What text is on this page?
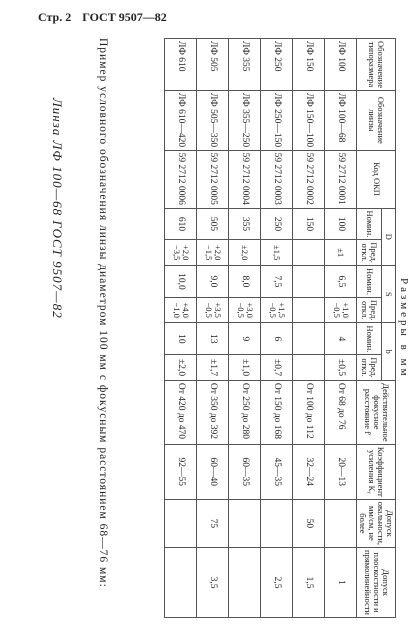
Стр. 2 ГОСТ 9507—82
Размеры в мм
Обозначение типоразмера	Обозначение линзы	Код ОКП	D		S		b		Действительное фокусное расстояние f′	Коэффициент усиления Кᵧ	Допуск овальности, мм/см, не более	Допуск плоскостности и прямолинейности
			Номин.	Пред. откл.	Номин.	Пред. откл.	Номин.	Пред. откл.				
ЛФ 100	ЛФ 100—68	59 2712 0001	100	±1	6,5	+1,0 −0,5	4	±0,5	От 68 до 76	20—13		1
ЛФ 150	ЛФ 150—100	59 2712 0002	150						От 100 до 112	32—24	50	1,5
ЛФ 250	ЛФ 250—150	59 2712 0003	250	±1,5	7,5	+1,5 −0,5	6	±0,7	От 150 до 168	45—35		2,5
ЛФ 355	ЛФ 355—250	59 2712 0004	355	±2,0	8,0	+3,0 −0,5	9	±1,0	От 250 до 280	60—35		
ЛФ 505	ЛФ 505—350	59 2712 0005	505	+2,0 −1,5	9,0	+3,5 −0,5	13	±1,7	От 350 до 392	60—40	75	3,5
ЛФ 610	ЛФ 610—420	59 2712 0006	610	+2,0 −3,5	10,0	+4,0 −1,0	10	±2,0	От 420 до 470	92—55		
Пример условного обозначения линзы диаметром 100 мм с фокусным расстоянием 68—76 мм:
Линза ЛФ 100—68 ГОСТ 9507—82
